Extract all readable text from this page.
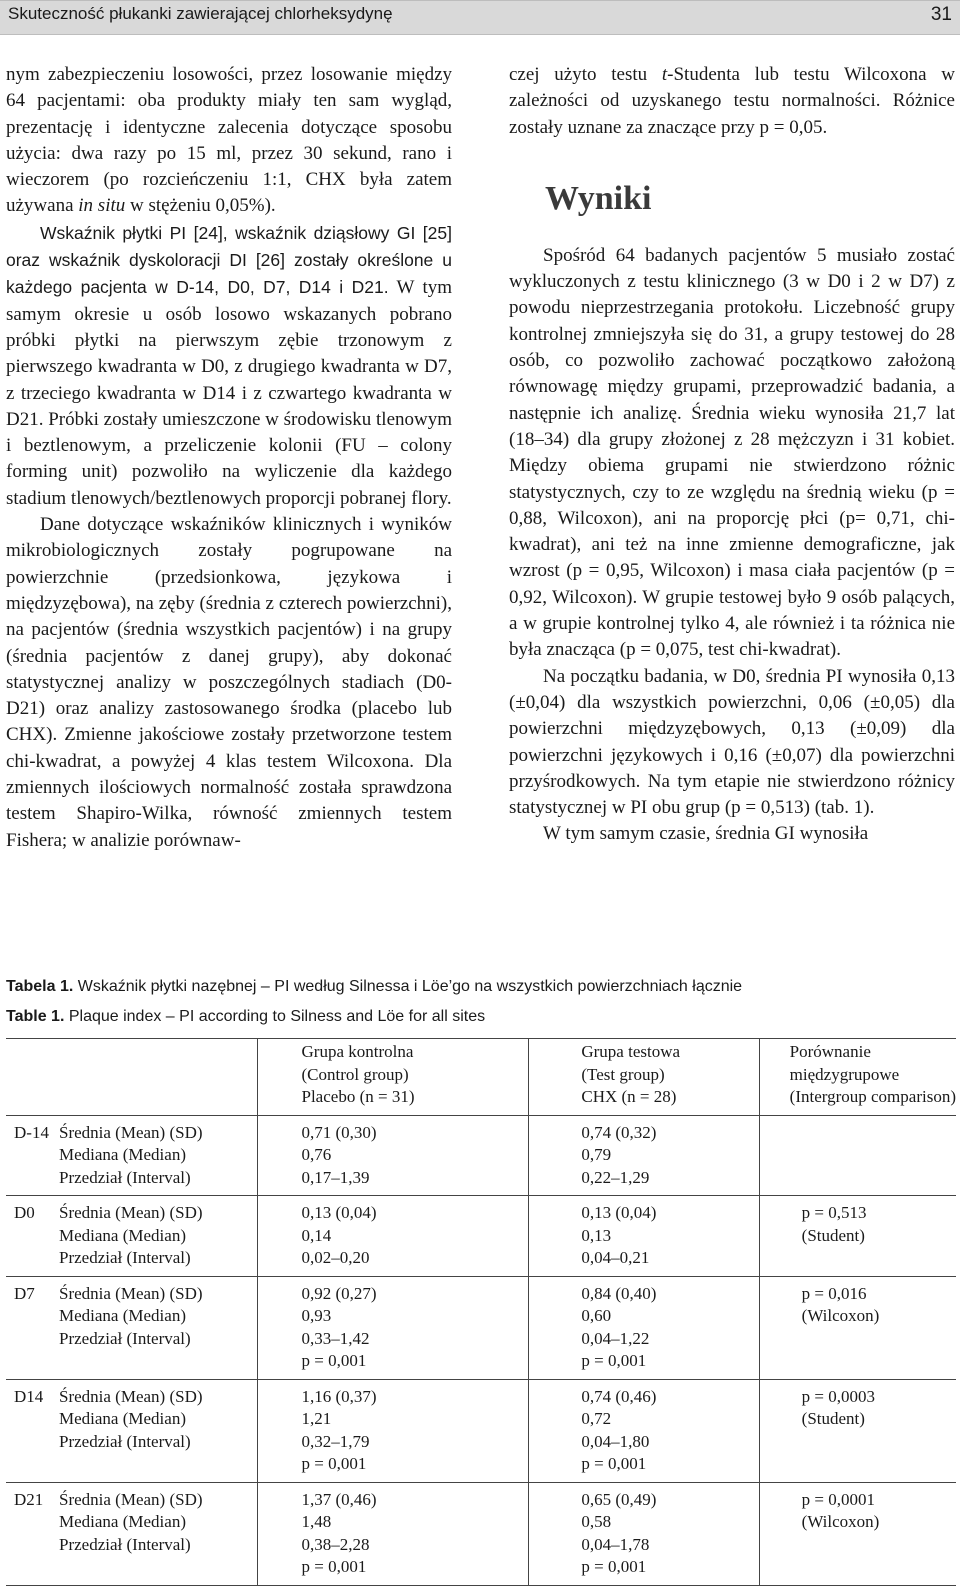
Skuteczność płukanki zawierającej chlorheksydynę	31

nym zabezpieczeniu losowości, przez losowanie między 64 pacjentami: oba produkty miały ten sam wygląd, prezentację i identyczne zalecenia dotyczące sposobu użycia: dwa razy po 15 ml, przez 30 sekund, rano i wieczorem (po rozcieńczeniu 1:1, CHX była zatem używana in situ w stężeniu 0,05%).

Wskaźnik płytki PI [24], wskaźnik dziąsłowy GI [25] oraz wskaźnik dyskoloracji DI [26] zostały określone u każdego pacjenta w D-14, D0, D7, D14 i D21. W tym samym okresie u osób losowo wskazanych pobrano próbki płytki na pierwszym zębie trzonowym z pierwszego kwadranta w D0, z drugiego kwadranta w D7, z trzeciego kwadranta w D14 i z czwartego kwadranta w D21. Próbki zostały umieszczone w środowisku tlenowym i beztlenowym, a przeliczenie kolonii (FU – colony forming unit) pozwoliło na wyliczenie dla każdego stadium tlenowych/beztlenowych proporcji pobranej flory.

Dane dotyczące wskaźników klinicznych i wyników mikrobiologicznych zostały pogrupowane na powierzchnie (przedsionkowa, językowa i międzyzębowa), na zęby (średnia z czterech powierzchni), na pacjentów (średnia wszystkich pacjentów) i na grupy (średnia pacjentów z danej grupy), aby dokonać statystycznej analizy w poszczególnych stadiach (D0-D21) oraz analizy zastosowanego środka (placebo lub CHX). Zmienne jakościowe zostały przetworzone testem chi-kwadrat, a powyżej 4 klas testem Wilcoxona. Dla zmiennych ilościowych normalność została sprawdzona testem Shapiro-Wilka, równość zmiennych testem Fishera; w analizie porównaw-

czej użyto testu t-Studenta lub testu Wilcoxona w zależności od uzyskanego testu normalności. Różnice zostały uznane za znaczące przy p = 0,05.

Wyniki

Spośród 64 badanych pacjentów 5 musiało zostać wykluczonych z testu klinicznego (3 w D0 i 2 w D7) z powodu nieprzestrzegania protokołu. Liczebność grupy kontrolnej zmniejszyła się do 31, a grupy testowej do 28 osób, co pozwoliło zachować początkowo założoną równowagę między grupami, przeprowadzić badania, a następnie ich analizę. Średnia wieku wynosiła 21,7 lat (18–34) dla grupy złożonej z 28 mężczyzn i 31 kobiet. Między obiema grupami nie stwierdzono różnic statystycznych, czy to ze względu na średnią wieku (p = 0,88, Wilcoxon), ani na proporcję płci (p= 0,71, chi-kwadrat), ani też na inne zmienne demograficzne, jak wzrost (p = 0,95, Wilcoxon) i masa ciała pacjentów (p = 0,92, Wilcoxon). W grupie testowej było 9 osób palących, a w grupie kontrolnej tylko 4, ale również i ta różnica nie była znacząca (p = 0,075, test chi-kwadrat).

Na początku badania, w D0, średnia PI wynosiła 0,13 (±0,04) dla wszystkich powierzchni, 0,06 (±0,05) dla powierzchni międzyzębowych, 0,13 (±0,09) dla powierzchni językowych i 0,16 (±0,07) dla powierzchni przyśrodkowych. Na tym etapie nie stwierdzono różnicy statystycznej w PI obu grup (p = 0,513) (tab. 1).

W tym samym czasie, średnia GI wynosiła

Tabela 1. Wskaźnik płytki nazębnej – PI według Silnessa i Löe’go na wszystkich powierzchniach łącznie
Table 1. Plaque index – PI according to Silness and Löe for all sites

	Grupa kontrolna
(Control group)
Placebo (n = 31)	Grupa testowa
(Test group)
CHX (n = 28)	Porównanie
międzygrupowe
(Intergroup comparison)

D-14 Średnia (Mean) (SD)
Mediana (Median)
Przedział (Interval)	0,71 (0,30)
0,76
0,17–1,39	0,74 (0,32)
0,79
0,22–1,29	

D0 Średnia (Mean) (SD)
Mediana (Median)
Przedział (Interval)	0,13 (0,04)
0,14
0,02–0,20	0,13 (0,04)
0,13
0,04–0,21	p = 0,513
(Student)

D7 Średnia (Mean) (SD)
Mediana (Median)
Przedział (Interval)	0,92 (0,27)
0,93
0,33–1,42
p = 0,001	0,84 (0,40)
0,60
0,04–1,22
p = 0,001	p = 0,016
(Wilcoxon)

D14 Średnia (Mean) (SD)
Mediana (Median)
Przedział (Interval)	1,16 (0,37)
1,21
0,32–1,79
p = 0,001	0,74 (0,46)
0,72
0,04–1,80
p = 0,001	p = 0,0003
(Student)

D21 Średnia (Mean) (SD)
Mediana (Median)
Przedział (Interval)	1,37 (0,46)
1,48
0,38–2,28
p = 0,001	0,65 (0,49)
0,58
0,04–1,78
p = 0,001	p = 0,0001
(Wilcoxon)
